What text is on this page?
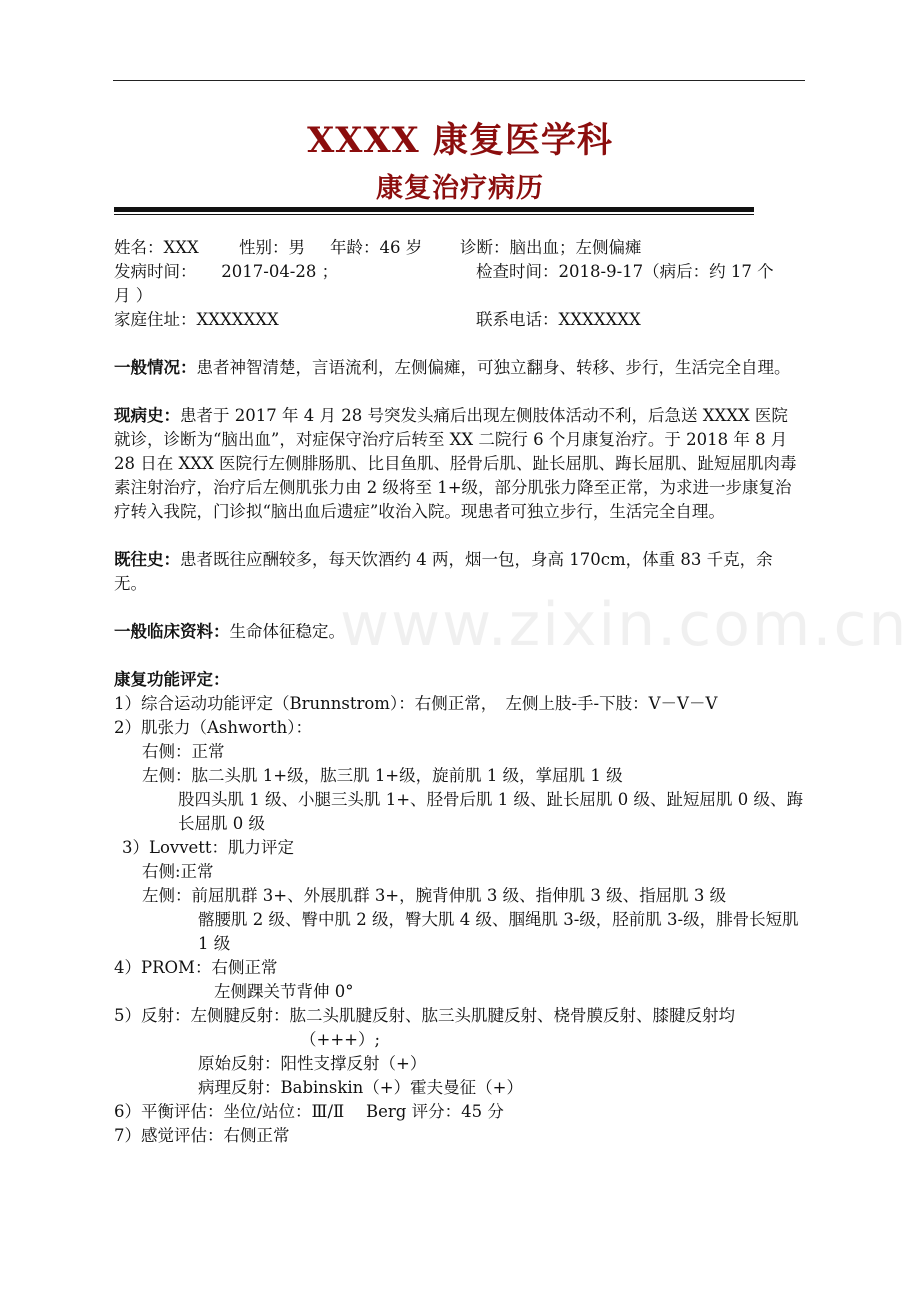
XXXX 康复医学科
康复治疗病历
www.zixin.com.cn
姓名：XXX 性别：男 年龄：46 岁 诊断：脑出血；左侧偏瘫
发病时间：　　2017-04-28 ；	检查时间：2018-9-17（病后：约 17 个
月 ）
家庭住址：XXXXXXX	联系电话：XXXXXXX

一般情况：患者神智清楚，言语流利，左侧偏瘫，可独立翻身、转移、步行，生活完全自理。

现病史：患者于 2017 年 4 月 28 号突发头痛后出现左侧肢体活动不利，后急送 XXXX 医院就诊，诊断为“脑出血”，对症保守治疗后转至 XX 二院行 6 个月康复治疗。于 2018 年 8 月 28 日在 XXX 医院行左侧腓肠肌、比目鱼肌、胫骨后肌、趾长屈肌、踇长屈肌、趾短屈肌肉毒素注射治疗，治疗后左侧肌张力由 2 级将至 1+级，部分肌张力降至正常，为求进一步康复治疗转入我院，门诊拟“脑出血后遗症”收治入院。现患者可独立步行，生活完全自理。

既往史：患者既往应酬较多，每天饮酒约 4 两，烟一包，身高 170cm，体重 83 千克，余无。

一般临床资料：生命体征稳定。

康复功能评定：

1）综合运动功能评定（Brunnstrom）：右侧正常，　左侧上肢-手-下肢：Ⅴ－Ⅴ－Ⅴ

2）肌张力（Ashworth）：

右侧：正常

左侧：肱二头肌 1+级，肱三肌 1+级，旋前肌 1 级，掌屈肌 1 级

股四头肌 1 级、小腿三头肌 1+、胫骨后肌 1 级、趾长屈肌 0 级、趾短屈肌 0 级、踇长屈肌 0 级

3）Lovvett：肌力评定

右侧:正常

左侧：前屈肌群 3+、外展肌群 3+，腕背伸肌 3 级、指伸肌 3 级、指屈肌 3 级

髂腰肌 2 级、臀中肌 2 级，臀大肌 4 级、腘绳肌 3-级，胫前肌 3-级，腓骨长短肌 1 级

4）PROM：右侧正常

左侧踝关节背伸 0°

5）反射：左侧腱反射：肱二头肌腱反射、肱三头肌腱反射、桡骨膜反射、膝腱反射均

（+++）;

原始反射：阳性支撑反射（+）

病理反射：Babinskin（+）霍夫曼征（+）

6）平衡评估：坐位/站位：Ⅲ/Ⅱ　 Berg 评分：45 分

7）感觉评估：右侧正常
